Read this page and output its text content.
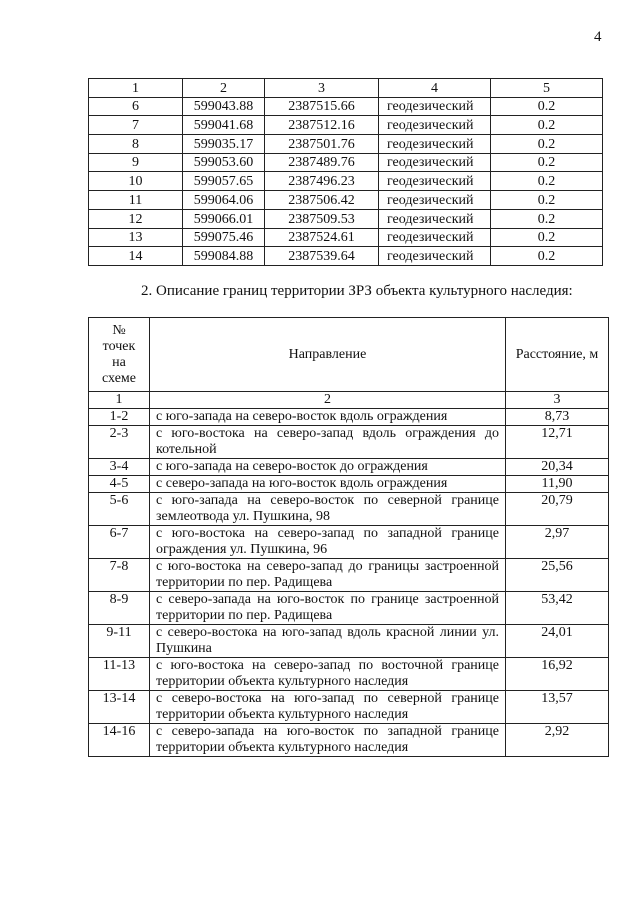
4
1	2	3	4	5
6	599043.88	2387515.66	геодезический	0.2
7	599041.68	2387512.16	геодезический	0.2
8	599035.17	2387501.76	геодезический	0.2
9	599053.60	2387489.76	геодезический	0.2
10	599057.65	2387496.23	геодезический	0.2
11	599064.06	2387506.42	геодезический	0.2
12	599066.01	2387509.53	геодезический	0.2
13	599075.46	2387524.61	геодезический	0.2
14	599084.88	2387539.64	геодезический	0.2
2. Описание границ территории ЗРЗ объекта культурного наследия:
№
точек
на
схеме	Направление	Расстояние, м
1	2	3
1-2	с юго-запада на северо-восток вдоль ограждения	8,73
2-3	с юго-востока на северо-запад вдоль ограждения до котельной	12,71
3-4	с юго-запада на северо-восток до ограждения	20,34
4-5	с северо-запада на юго-восток вдоль ограждения	11,90
5-6	с юго-запада на северо-восток по северной границе землеотвода ул. Пушкина, 98	20,79
6-7	с юго-востока на северо-запад по западной границе ограждения ул. Пушкина, 96	2,97
7-8	с юго-востока на северо-запад до границы застроенной территории по пер. Радищева	25,56
8-9	с северо-запада на юго-восток по границе застроенной территории по пер. Радищева	53,42
9-11	с северо-востока на юго-запад вдоль красной линии ул. Пушкина	24,01
11-13	с юго-востока на северо-запад по восточной границе территории объекта культурного наследия	16,92
13-14	с северо-востока на юго-запад по северной границе территории объекта культурного наследия	13,57
14-16	с северо-запада на юго-восток по западной границе территории объекта культурного наследия	2,92
